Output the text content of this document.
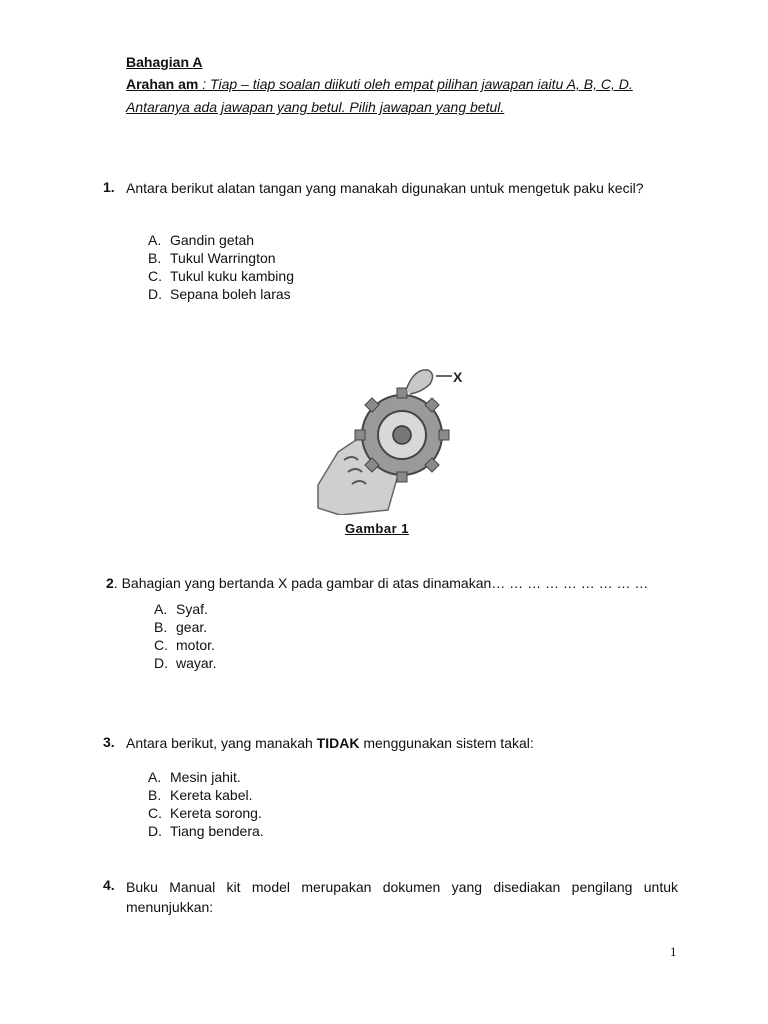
Bahagian A
Arahan am : Tiap – tiap soalan diikuti oleh empat pilihan jawapan iaitu A, B, C, D. Antaranya ada jawapan yang betul. Pilih jawapan yang betul.
1. Antara berikut alatan tangan yang manakah digunakan untuk mengetuk paku kecil?
A. Gandin getah
B. Tukul Warrington
C. Tukul kuku kambing
D. Sepana boleh laras
X
Gambar 1
2. Bahagian yang bertanda X pada gambar di atas dinamakan… … … … … … … … …
A. Syaf.
B. gear.
C. motor.
D. wayar.
3. Antara berikut, yang manakah TIDAK menggunakan sistem takal:
A. Mesin jahit.
B. Kereta kabel.
C. Kereta sorong.
D. Tiang bendera.
4. Buku Manual kit model merupakan dokumen yang disediakan pengilang untuk menunjukkan:
1
